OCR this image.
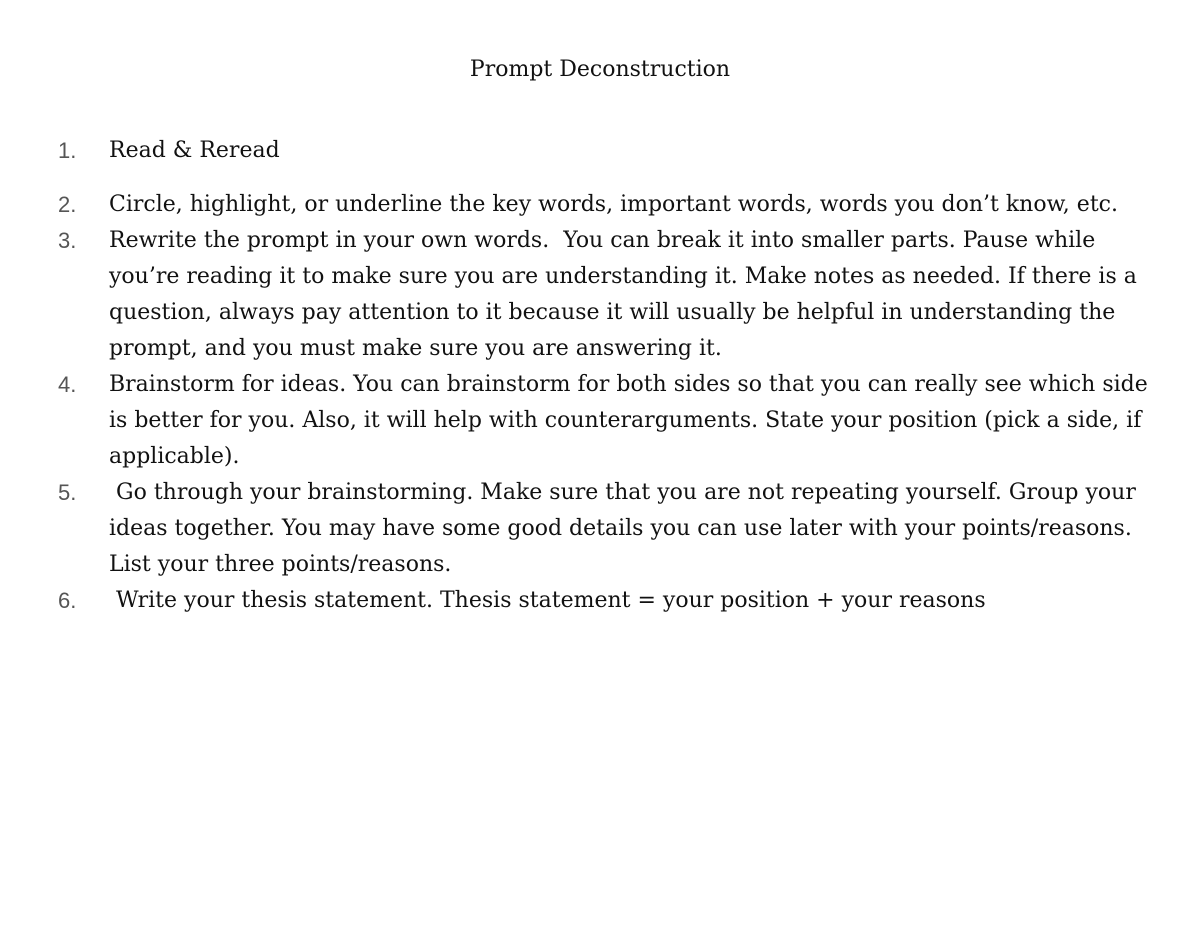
Prompt Deconstruction
1. Read & Reread
2. Circle, highlight, or underline the key words, important words, words you don’t know, etc.
3. Rewrite the prompt in your own words.  You can break it into smaller parts. Pause while you’re reading it to make sure you are understanding it. Make notes as needed. If there is a question, always pay attention to it because it will usually be helpful in understanding the prompt, and you must make sure you are answering it.
4. Brainstorm for ideas. You can brainstorm for both sides so that you can really see which side is better for you. Also, it will help with counterarguments. State your position (pick a side, if applicable).
5. Go through your brainstorming. Make sure that you are not repeating yourself. Group your ideas together. You may have some good details you can use later with your points/reasons. List your three points/reasons.
6. Write your thesis statement. Thesis statement = your position + your reasons
